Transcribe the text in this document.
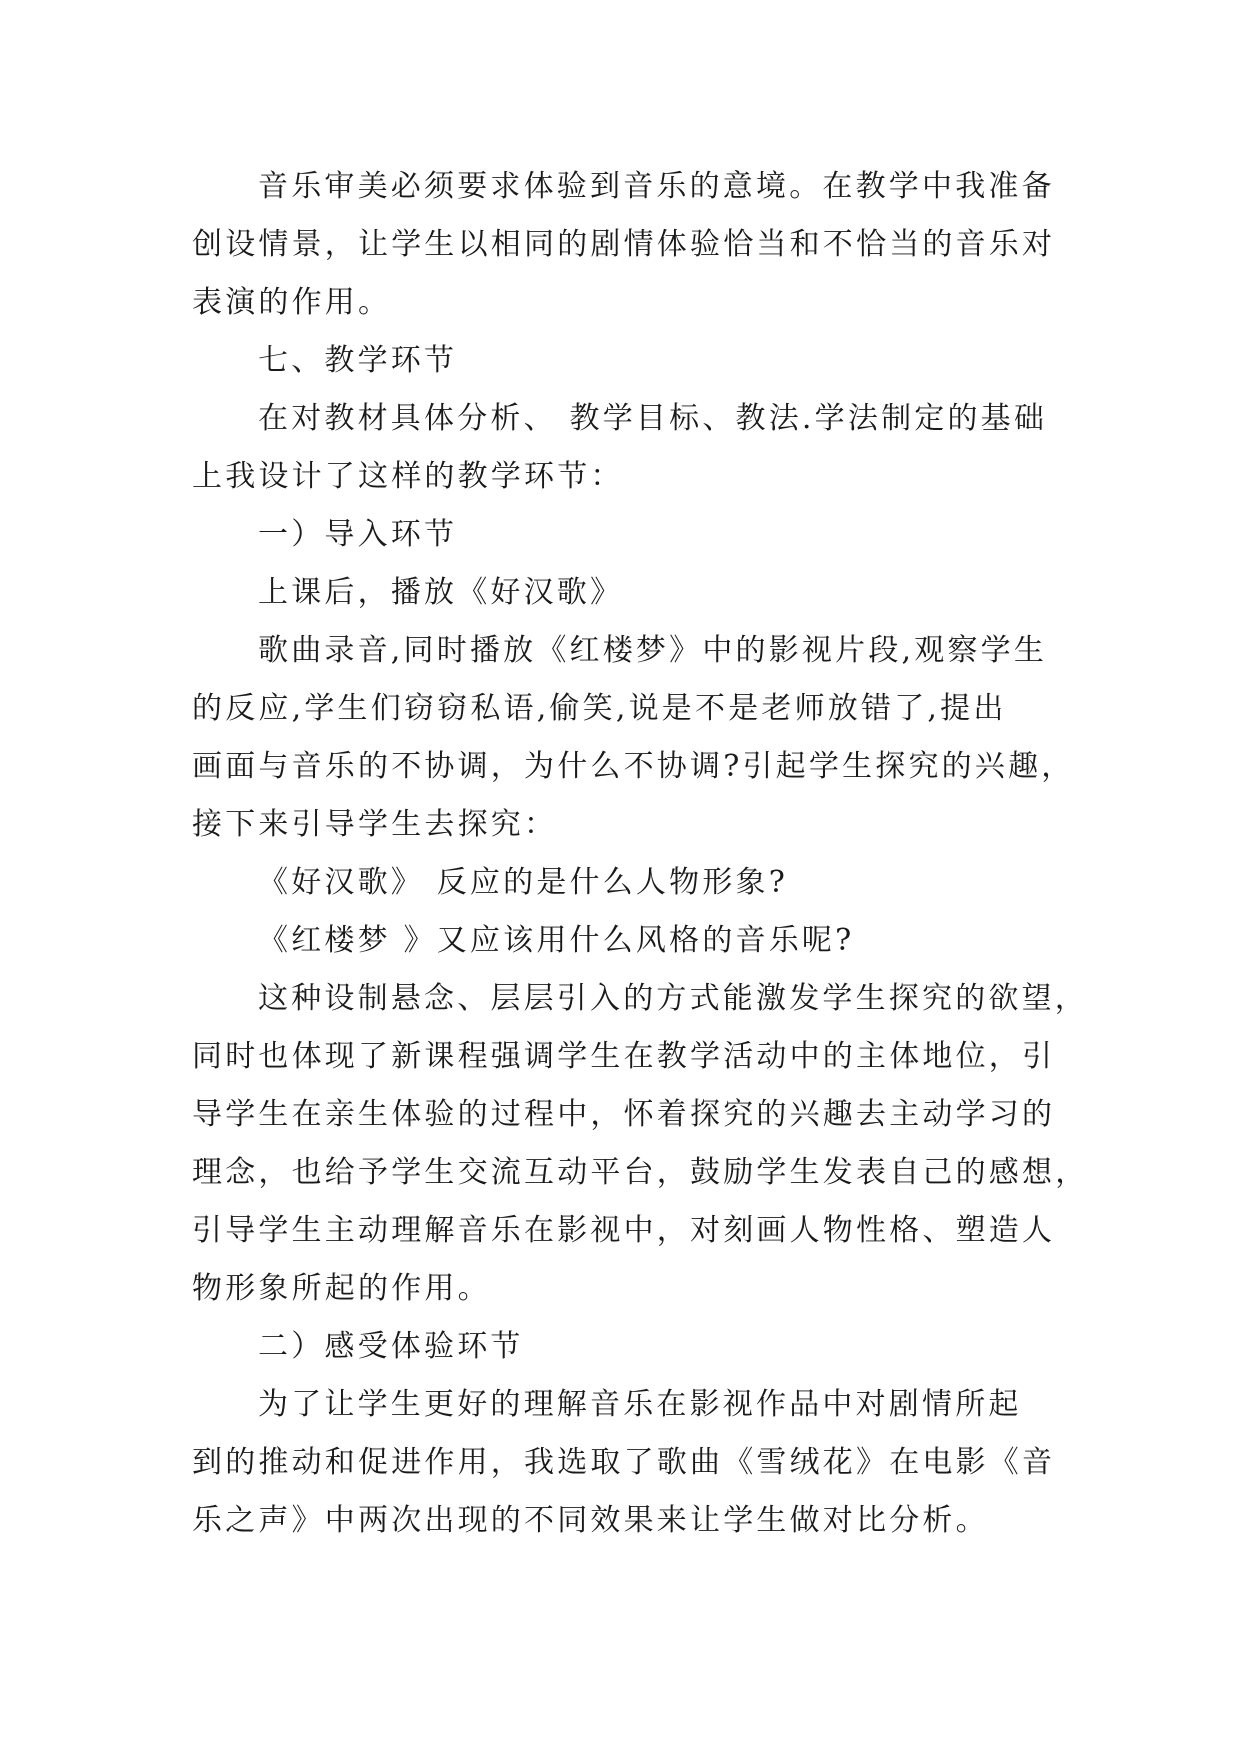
音乐审美必须要求体验到音乐的意境。在教学中我准备
创设情景，让学生以相同的剧情体验恰当和不恰当的音乐对
表演的作用。
七、教学环节
在对教材具体分析、 教学目标、教法.学法制定的基础
上我设计了这样的教学环节：
一）导入环节
上课后，播放《好汉歌》
歌曲录音,同时播放《红楼梦》中的影视片段,观察学生
的反应,学生们窃窃私语,偷笑,说是不是老师放错了,提出
画面与音乐的不协调，为什么不协调?引起学生探究的兴趣，
接下来引导学生去探究：
《好汉歌》 反应的是什么人物形象?
《红楼梦 》又应该用什么风格的音乐呢?
这种设制悬念、层层引入的方式能激发学生探究的欲望，
同时也体现了新课程强调学生在教学活动中的主体地位，引
导学生在亲生体验的过程中，怀着探究的兴趣去主动学习的
理念，也给予学生交流互动平台，鼓励学生发表自己的感想，
引导学生主动理解音乐在影视中，对刻画人物性格、塑造人
物形象所起的作用。
二）感受体验环节
为了让学生更好的理解音乐在影视作品中对剧情所起
到的推动和促进作用，我选取了歌曲《雪绒花》在电影《音
乐之声》中两次出现的不同效果来让学生做对比分析。
